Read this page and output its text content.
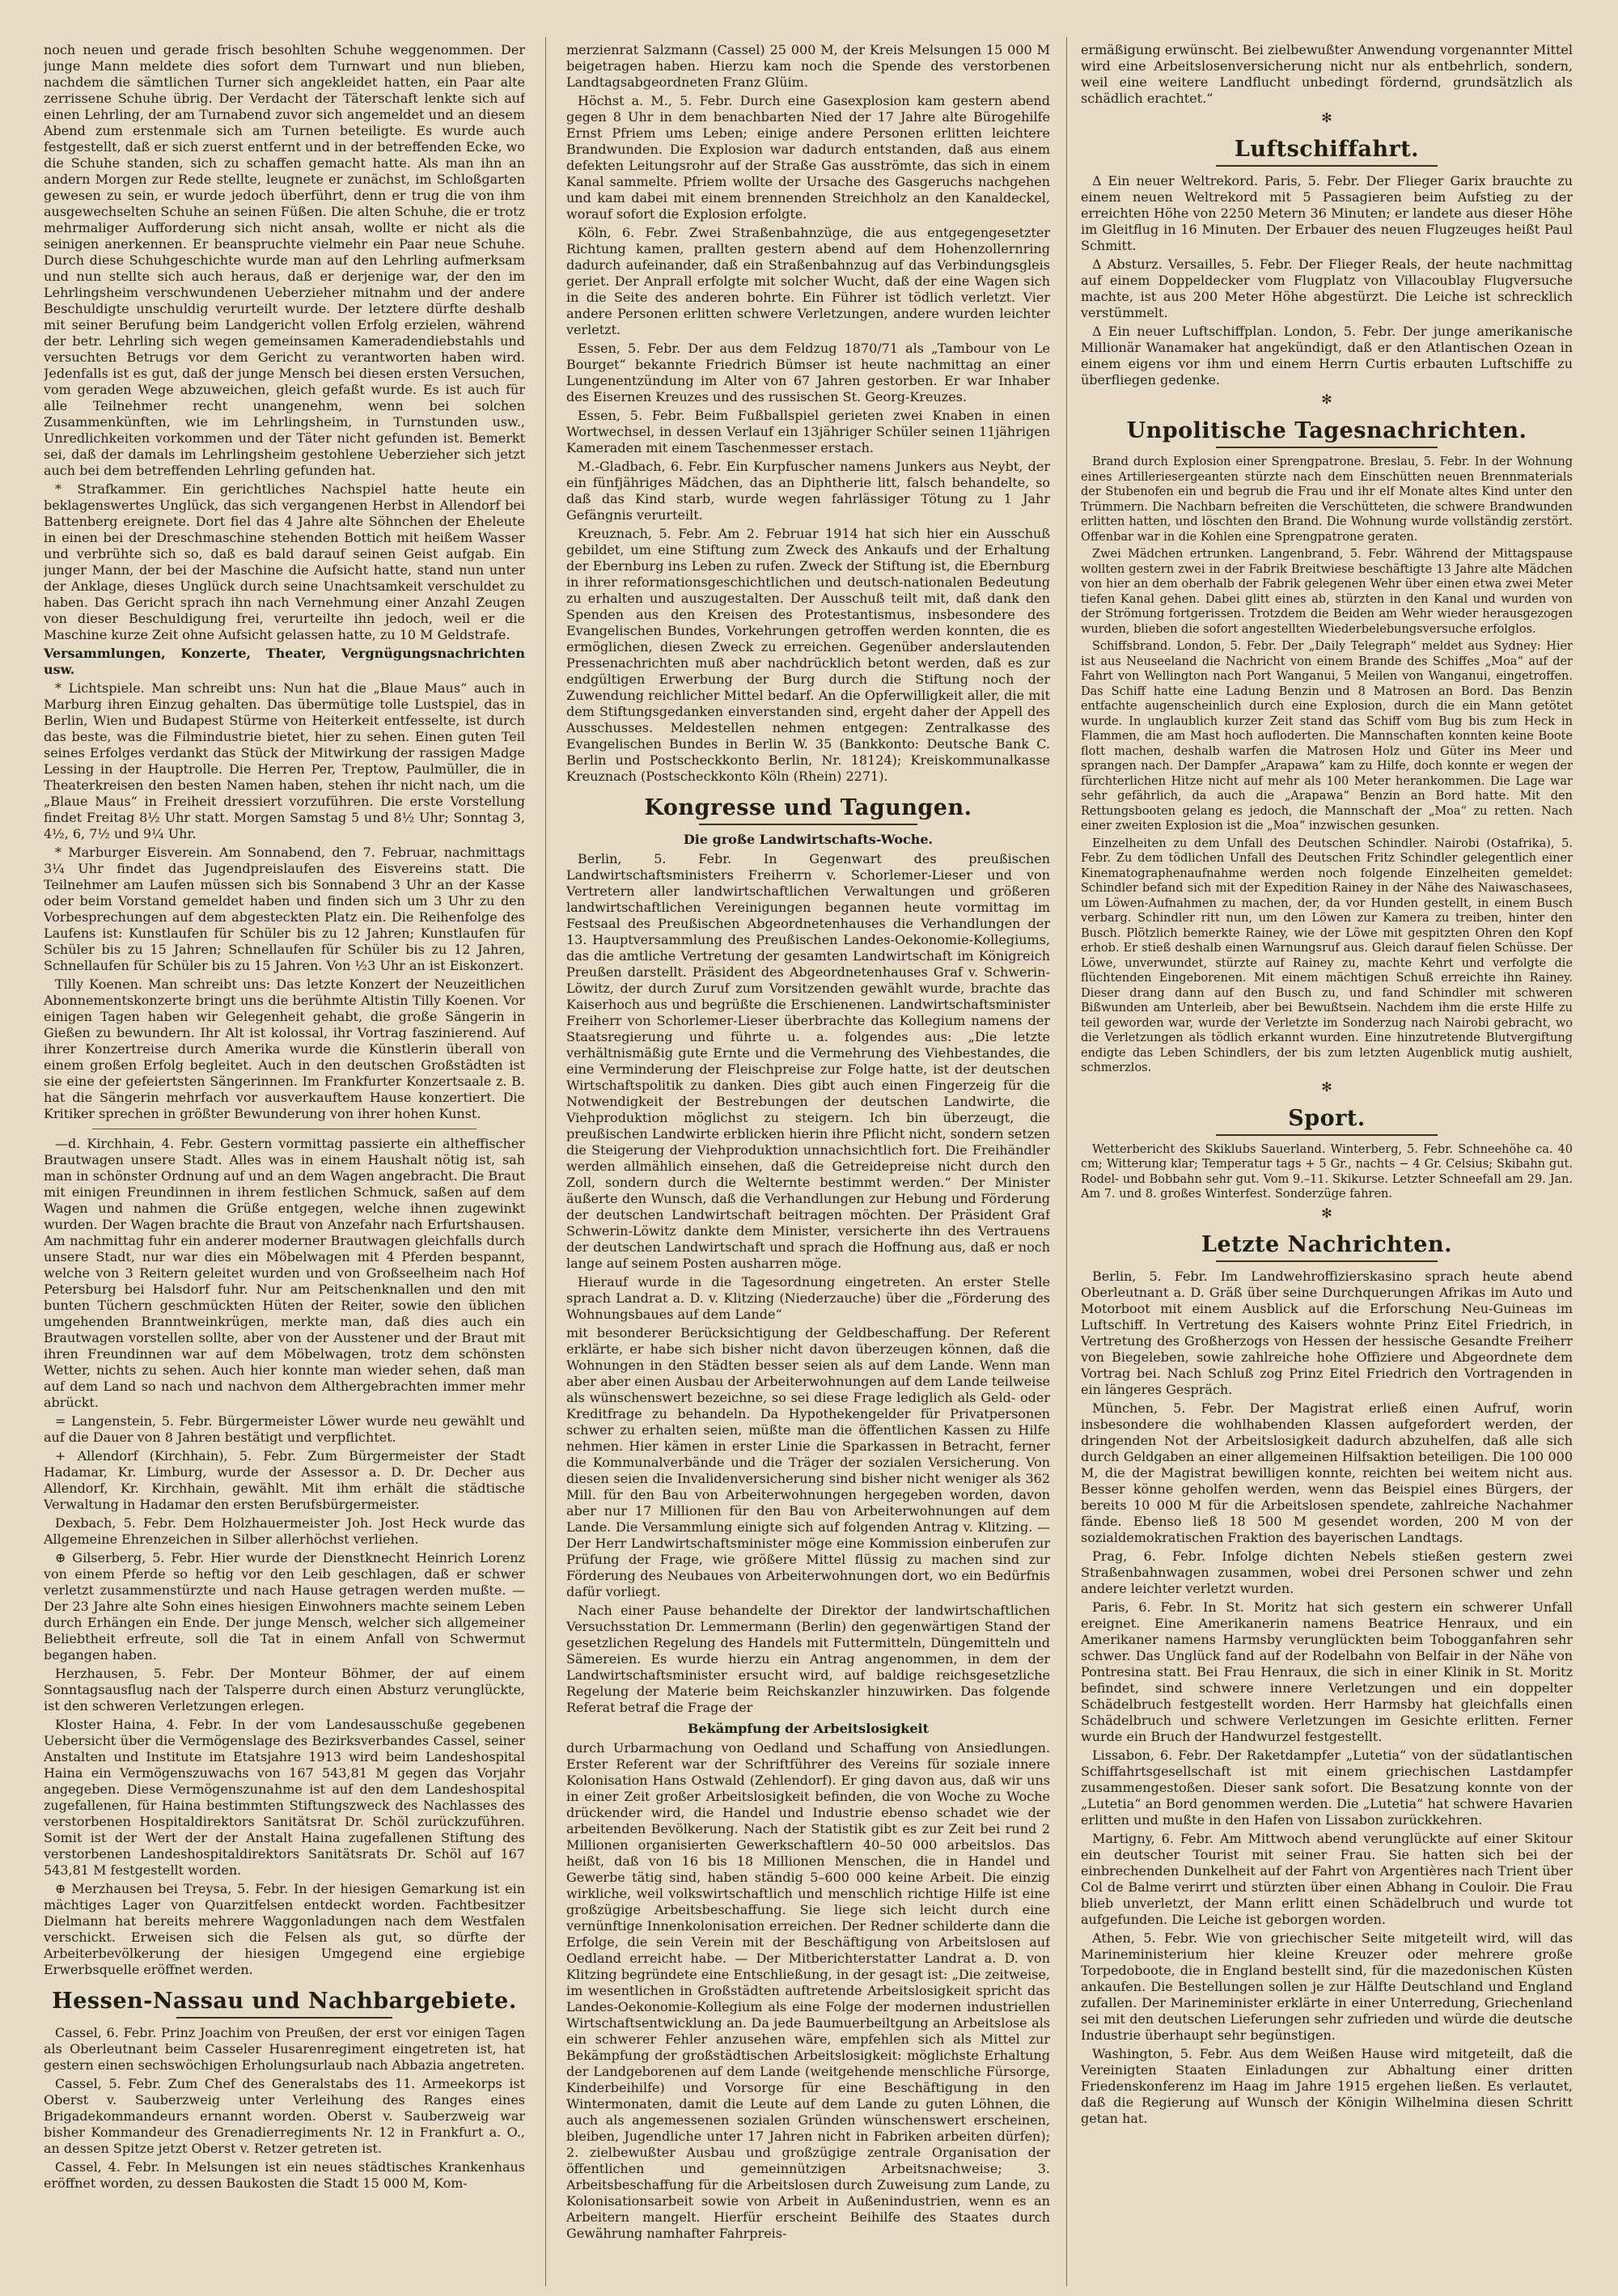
noch neuen und gerade frisch besohlten Schuhe weggenommen. Der junge Mann meldete dies sofort dem Turnwart und nun blieben, nachdem die sämtlichen Turner sich angekleidet hatten, ein Paar alte zerrissene Schuhe übrig. Der Verdacht der Täterschaft lenkte sich auf einen Lehrling, der am Turnabend zuvor sich angemeldet und an diesem Abend zum erstenmale sich am Turnen beteiligte. Es wurde auch festgestellt, daß er sich zuerst entfernt und in der betreffenden Ecke, wo die Schuhe standen, sich zu schaffen gemacht hatte. Als man ihn an andern Morgen zur Rede stellte, leugnete er zunächst, im Schloßgarten gewesen zu sein, er wurde jedoch überführt, denn er trug die von ihm ausgewechselten Schuhe an seinen Füßen. Die alten Schuhe, die er trotz mehrmaliger Aufforderung sich nicht ansah, wollte er nicht als die seinigen anerkennen. Er beanspruchte vielmehr ein Paar neue Schuhe. Durch diese Schuhgeschichte wurde man auf den Lehrling aufmerksam und nun stellte sich auch heraus, daß er derjenige war, der den im Lehrlingsheim verschwundenen Ueberzieher mitnahm und der andere Beschuldigte unschuldig verurteilt wurde. Der letztere dürfte deshalb mit seiner Berufung beim Landgericht vollen Erfolg erzielen, während der betr. Lehrling sich wegen gemeinsamen Kameradendiebstahls und versuchten Betrugs vor dem Gericht zu verantworten haben wird. Jedenfalls ist es gut, daß der junge Mensch bei diesen ersten Versuchen, vom geraden Wege abzuweichen, gleich gefaßt wurde. Es ist auch für alle Teilnehmer recht unangenehm, wenn bei solchen Zusammenkünften, wie im Lehrlingsheim, in Turnstunden usw., Unredlichkeiten vorkommen und der Täter nicht gefunden ist. Bemerkt sei, daß der damals im Lehrlingsheim gestohlene Ueberzieher sich jetzt auch bei dem betreffenden Lehrling gefunden hat.

* Strafkammer. Ein gerichtliches Nachspiel hatte heute ein beklagenswertes Unglück, das sich vergangenen Herbst in Allendorf bei Battenberg ereignete. Dort fiel das 4 Jahre alte Söhnchen der Eheleute in einen bei der Dreschmaschine stehenden Bottich mit heißem Wasser und verbrühte sich so, daß es bald darauf seinen Geist aufgab. Ein junger Mann, der bei der Maschine die Aufsicht hatte, stand nun unter der Anklage, dieses Unglück durch seine Unachtsamkeit verschuldet zu haben. Das Gericht sprach ihn nach Vernehmung einer Anzahl Zeugen von dieser Beschuldigung frei, verurteilte ihn jedoch, weil er die Maschine kurze Zeit ohne Aufsicht gelassen hatte, zu 10 M Geldstrafe.

Versammlungen, Konzerte, Theater, Vergnügungsnachrichten usw.

* Lichtspiele. Man schreibt uns: Nun hat die „Blaue Maus“ auch in Marburg ihren Einzug gehalten. Das übermütige tolle Lustspiel, das in Berlin, Wien und Budapest Stürme von Heiterkeit entfesselte, ist durch das beste, was die Filmindustrie bietet, hier zu sehen. Einen guten Teil seines Erfolges verdankt das Stück der Mitwirkung der rassigen Madge Lessing in der Hauptrolle. Die Herren Per, Treptow, Paulmüller, die in Theaterkreisen den besten Namen haben, stehen ihr nicht nach, um die „Blaue Maus“ in Freiheit dressiert vorzuführen. Die erste Vorstellung findet Freitag 8½ Uhr statt. Morgen Samstag 5 und 8½ Uhr; Sonntag 3, 4½, 6, 7½ und 9¼ Uhr.

* Marburger Eisverein. Am Sonnabend, den 7. Februar, nachmittags 3¼ Uhr findet das Jugendpreislaufen des Eisvereins statt. Die Teilnehmer am Laufen müssen sich bis Sonnabend 3 Uhr an der Kasse oder beim Vorstand gemeldet haben und finden sich um 3 Uhr zu den Vorbesprechungen auf dem abgesteckten Platz ein. Die Reihenfolge des Laufens ist: Kunstlaufen für Schüler bis zu 12 Jahren; Kunstlaufen für Schüler bis zu 15 Jahren; Schnellaufen für Schüler bis zu 12 Jahren, Schnellaufen für Schüler bis zu 15 Jahren. Von ½3 Uhr an ist Eiskonzert.

Tilly Koenen. Man schreibt uns: Das letzte Konzert der Neuzeitlichen Abonnementskonzerte bringt uns die berühmte Altistin Tilly Koenen. Vor einigen Tagen haben wir Gelegenheit gehabt, die große Sängerin in Gießen zu bewundern. Ihr Alt ist kolossal, ihr Vortrag faszinierend. Auf ihrer Konzertreise durch Amerika wurde die Künstlerin überall von einem großen Erfolg begleitet. Auch in den deutschen Großstädten ist sie eine der gefeiertsten Sängerinnen. Im Frankfurter Konzertsaale z. B. hat die Sängerin mehrfach vor ausverkauftem Hause konzertiert. Die Kritiker sprechen in größter Bewunderung von ihrer hohen Kunst.

—d. Kirchhain, 4. Febr. Gestern vormittag passierte ein altheffischer Brautwagen unsere Stadt. Alles was in einem Haushalt nötig ist, sah man in schönster Ordnung auf und an dem Wagen angebracht. Die Braut mit einigen Freundinnen in ihrem festlichen Schmuck, saßen auf dem Wagen und nahmen die Grüße entgegen, welche ihnen zugewinkt wurden. Der Wagen brachte die Braut von Anzefahr nach Erfurtshausen. Am nachmittag fuhr ein anderer moderner Brautwagen gleichfalls durch unsere Stadt, nur war dies ein Möbelwagen mit 4 Pferden bespannt, welche von 3 Reitern geleitet wurden und von Großseelheim nach Hof Petersburg bei Halsdorf fuhr. Nur am Peitschenknallen und den mit bunten Tüchern geschmückten Hüten der Reiter, sowie den üblichen umgehenden Branntweinkrügen, merkte man, daß dies auch ein Brautwagen vorstellen sollte, aber von der Ausstener und der Braut mit ihren Freundinnen war auf dem Möbelwagen, trotz dem schönsten Wetter, nichts zu sehen. Auch hier konnte man wieder sehen, daß man auf dem Land so nach und nachvon dem Althergebrachten immer mehr abrückt.

= Langenstein, 5. Febr. Bürgermeister Löwer wurde neu gewählt und auf die Dauer von 8 Jahren bestätigt und verpflichtet.

+ Allendorf (Kirchhain), 5. Febr. Zum Bürgermeister der Stadt Hadamar, Kr. Limburg, wurde der Assessor a. D. Dr. Decher aus Allendorf, Kr. Kirchhain, gewählt. Mit ihm erhält die städtische Verwaltung in Hadamar den ersten Berufsbürgermeister.

Dexbach, 5. Febr. Dem Holzhauermeister Joh. Jost Heck wurde das Allgemeine Ehrenzeichen in Silber allerhöchst verliehen.

⊕ Gilserberg, 5. Febr. Hier wurde der Dienstknecht Heinrich Lorenz von einem Pferde so heftig vor den Leib geschlagen, daß er schwer verletzt zusammenstürzte und nach Hause getragen werden mußte. — Der 23 Jahre alte Sohn eines hiesigen Einwohners machte seinem Leben durch Erhängen ein Ende. Der junge Mensch, welcher sich allgemeiner Beliebtheit erfreute, soll die Tat in einem Anfall von Schwermut begangen haben.

Herzhausen, 5. Febr. Der Monteur Böhmer, der auf einem Sonntagsausflug nach der Talsperre durch einen Absturz verunglückte, ist den schweren Verletzungen erlegen.

Kloster Haina, 4. Febr. In der vom Landesausschuße gegebenen Uebersicht über die Vermögenslage des Bezirksverbandes Cassel, seiner Anstalten und Institute im Etatsjahre 1913 wird beim Landeshospital Haina ein Vermögenszuwachs von 167 543,81 M gegen das Vorjahr angegeben. Diese Vermögenszunahme ist auf den dem Landeshospital zugefallenen, für Haina bestimmten Stiftungszweck des Nachlasses des verstorbenen Hospitaldirektors Sanitätsrat Dr. Schöl zurückzuführen. Somit ist der Wert der der Anstalt Haina zugefallenen Stiftung des verstorbenen Landeshospitaldirektors Sanitätsrats Dr. Schöl auf 167 543,81 M festgestellt worden.

⊕ Merzhausen bei Treysa, 5. Febr. In der hiesigen Gemarkung ist ein mächtiges Lager von Quarzitfelsen entdeckt worden. Fachtbesitzer Dielmann hat bereits mehrere Waggonladungen nach dem Westfalen verschickt. Erweisen sich die Felsen als gut, so dürfte der Arbeiterbevölkerung der hiesigen Umgegend eine ergiebige Erwerbsquelle eröffnet werden.

Hessen-Nassau und Nachbargebiete.

Cassel, 6. Febr. Prinz Joachim von Preußen, der erst vor einigen Tagen als Oberleutnant beim Casseler Husarenregiment eingetreten ist, hat gestern einen sechswöchigen Erholungsurlaub nach Abbazia angetreten.

Cassel, 5. Febr. Zum Chef des Generalstabs des 11. Armeekorps ist Oberst v. Sauberzweig unter Verleihung des Ranges eines Brigadekommandeurs ernannt worden. Oberst v. Sauberzweig war bisher Kommandeur des Grenadierregiments Nr. 12 in Frankfurt a. O., an dessen Spitze jetzt Oberst v. Retzer getreten ist.

Cassel, 4. Febr. In Melsungen ist ein neues städtisches Krankenhaus eröffnet worden, zu dessen Baukosten die Stadt 15 000 M, Kom-

merzienrat Salzmann (Cassel) 25 000 M, der Kreis Melsungen 15 000 M beigetragen haben. Hierzu kam noch die Spende des verstorbenen Landtagsabgeordneten Franz Glüim.

Höchst a. M., 5. Febr. Durch eine Gasexplosion kam gestern abend gegen 8 Uhr in dem benachbarten Nied der 17 Jahre alte Bürogehilfe Ernst Pfriem ums Leben; einige andere Personen erlitten leichtere Brandwunden. Die Explosion war dadurch entstanden, daß aus einem defekten Leitungsrohr auf der Straße Gas ausströmte, das sich in einem Kanal sammelte. Pfriem wollte der Ursache des Gasgeruchs nachgehen und kam dabei mit einem brennenden Streichholz an den Kanaldeckel, worauf sofort die Explosion erfolgte.

Köln, 6. Febr. Zwei Straßenbahnzüge, die aus entgegengesetzter Richtung kamen, prallten gestern abend auf dem Hohenzollernring dadurch aufeinander, daß ein Straßenbahnzug auf das Verbindungsgleis geriet. Der Anprall erfolgte mit solcher Wucht, daß der eine Wagen sich in die Seite des anderen bohrte. Ein Führer ist tödlich verletzt. Vier andere Personen erlitten schwere Verletzungen, andere wurden leichter verletzt.

Essen, 5. Febr. Der aus dem Feldzug 1870/71 als „Tambour von Le Bourget“ bekannte Friedrich Bümser ist heute nachmittag an einer Lungenentzündung im Alter von 67 Jahren gestorben. Er war Inhaber des Eisernen Kreuzes und des russischen St. Georg-Kreuzes.

Essen, 5. Febr. Beim Fußballspiel gerieten zwei Knaben in einen Wortwechsel, in dessen Verlauf ein 13jähriger Schüler seinen 11jährigen Kameraden mit einem Taschenmesser erstach.

M.-Gladbach, 6. Febr. Ein Kurpfuscher namens Junkers aus Neybt, der ein fünfjähriges Mädchen, das an Diphtherie litt, falsch behandelte, so daß das Kind starb, wurde wegen fahrlässiger Tötung zu 1 Jahr Gefängnis verurteilt.

Kreuznach, 5. Febr. Am 2. Februar 1914 hat sich hier ein Ausschuß gebildet, um eine Stiftung zum Zweck des Ankaufs und der Erhaltung der Ebernburg ins Leben zu rufen. Zweck der Stiftung ist, die Ebernburg in ihrer reformationsgeschichtlichen und deutsch-nationalen Bedeutung zu erhalten und auszugestalten. Der Ausschuß teilt mit, daß dank den Spenden aus den Kreisen des Protestantismus, insbesondere des Evangelischen Bundes, Vorkehrungen getroffen werden konnten, die es ermöglichen, diesen Zweck zu erreichen. Gegenüber anderslautenden Pressenachrichten muß aber nachdrücklich betont werden, daß es zur endgültigen Erwerbung der Burg durch die Stiftung noch der Zuwendung reichlicher Mittel bedarf. An die Opferwilligkeit aller, die mit dem Stiftungsgedanken einverstanden sind, ergeht daher der Appell des Ausschusses. Meldestellen nehmen entgegen: Zentralkasse des Evangelischen Bundes in Berlin W. 35 (Bankkonto: Deutsche Bank C. Berlin und Postscheckkonto Berlin, Nr. 18124); Kreiskommunalkasse Kreuznach (Postscheckkonto Köln (Rhein) 2271).

Kongresse und Tagungen.
Die große Landwirtschafts-Woche.

Berlin, 5. Febr. In Gegenwart des preußischen Landwirtschaftsministers Freiherrn v. Schorlemer-Lieser und von Vertretern aller landwirtschaftlichen Verwaltungen und größeren landwirtschaftlichen Vereinigungen begannen heute vormittag im Festsaal des Preußischen Abgeordnetenhauses die Verhandlungen der 13. Hauptversammlung des Preußischen Landes-Oekonomie-Kollegiums, das die amtliche Vertretung der gesamten Landwirtschaft im Königreich Preußen darstellt. Präsident des Abgeordnetenhauses Graf v. Schwerin-Löwitz, der durch Zuruf zum Vorsitzenden gewählt wurde, brachte das Kaiserhoch aus und begrüßte die Erschienenen. Landwirtschaftsminister Freiherr von Schorlemer-Lieser überbrachte das Kollegium namens der Staatsregierung und führte u. a. folgendes aus: „Die letzte verhältnismäßig gute Ernte und die Vermehrung des Viehbestandes, die eine Verminderung der Fleischpreise zur Folge hatte, ist der deutschen Wirtschaftspolitik zu danken. Dies gibt auch einen Fingerzeig für die Notwendigkeit der Bestrebungen der deutschen Landwirte, die Viehproduktion möglichst zu steigern. Ich bin überzeugt, die preußischen Landwirte erblicken hierin ihre Pflicht nicht, sondern setzen die Steigerung der Viehproduktion unnachsichtlich fort. Die Freihändler werden allmählich einsehen, daß die Getreidepreise nicht durch den Zoll, sondern durch die Welternte bestimmt werden.“ Der Minister äußerte den Wunsch, daß die Verhandlungen zur Hebung und Förderung der deutschen Landwirtschaft beitragen möchten. Der Präsident Graf Schwerin-Löwitz dankte dem Minister, versicherte ihn des Vertrauens der deutschen Landwirtschaft und sprach die Hoffnung aus, daß er noch lange auf seinem Posten ausharren möge.

Hierauf wurde in die Tagesordnung eingetreten. An erster Stelle sprach Landrat a. D. v. Klitzing (Niederzauche) über die „Förderung des Wohnungsbaues auf dem Lande“

mit besonderer Berücksichtigung der Geldbeschaffung. Der Referent erklärte, er habe sich bisher nicht davon überzeugen können, daß die Wohnungen in den Städten besser seien als auf dem Lande. Wenn man aber aber einen Ausbau der Arbeiterwohnungen auf dem Lande teilweise als wünschenswert bezeichne, so sei diese Frage lediglich als Geld- oder Kreditfrage zu behandeln. Da Hypothekengelder für Privatpersonen schwer zu erhalten seien, müßte man die öffentlichen Kassen zu Hilfe nehmen. Hier kämen in erster Linie die Sparkassen in Betracht, ferner die Kommunalverbände und die Träger der sozialen Versicherung. Von diesen seien die Invalidenversicherung sind bisher nicht weniger als 362 Mill. für den Bau von Arbeiterwohnungen hergegeben worden, davon aber nur 17 Millionen für den Bau von Arbeiterwohnungen auf dem Lande. Die Versammlung einigte sich auf folgenden Antrag v. Klitzing. — Der Herr Landwirtschaftsminister möge eine Kommission einberufen zur Prüfung der Frage, wie größere Mittel flüssig zu machen sind zur Förderung des Neubaues von Arbeiterwohnungen dort, wo ein Bedürfnis dafür vorliegt.

Nach einer Pause behandelte der Direktor der landwirtschaftlichen Versuchsstation Dr. Lemmermann (Berlin) den gegenwärtigen Stand der gesetzlichen Regelung des Handels mit Futtermitteln, Düngemitteln und Sämereien. Es wurde hierzu ein Antrag angenommen, in dem der Landwirtschaftsminister ersucht wird, auf baldige reichsgesetzliche Regelung der Materie beim Reichskanzler hinzuwirken. Das folgende Referat betraf die Frage der

Bekämpfung der Arbeitslosigkeit

durch Urbarmachung von Oedland und Schaffung von Ansiedlungen. Erster Referent war der Schriftführer des Vereins für soziale innere Kolonisation Hans Ostwald (Zehlendorf). Er ging davon aus, daß wir uns in einer Zeit großer Arbeitslosigkeit befinden, die von Woche zu Woche drückender wird, die Handel und Industrie ebenso schadet wie der arbeitenden Bevölkerung. Nach der Statistik gibt es zur Zeit bei rund 2 Millionen organisierten Gewerkschaftlern 40–50 000 arbeitslos. Das heißt, daß von 16 bis 18 Millionen Menschen, die in Handel und Gewerbe tätig sind, haben ständig 5–600 000 keine Arbeit. Die einzig wirkliche, weil volkswirtschaftlich und menschlich richtige Hilfe ist eine großzügige Arbeitsbeschaffung. Sie liege sich leicht durch eine vernünftige Innenkolonisation erreichen. Der Redner schilderte dann die Erfolge, die sein Verein mit der Beschäftigung von Arbeitslosen auf Oedland erreicht habe. — Der Mitberichterstatter Landrat a. D. von Klitzing begründete eine Entschließung, in der gesagt ist: „Die zeitweise, im wesentlichen in Großstädten auftretende Arbeitslosigkeit spricht das Landes-Oekonomie-Kollegium als eine Folge der modernen industriellen Wirtschaftsentwicklung an. Da jede Baumuerbeiltgung an Arbeitslose als ein schwerer Fehler anzusehen wäre, empfehlen sich als Mittel zur Bekämpfung der großstädtischen Arbeitslosigkeit: möglichste Erhaltung der Landgeborenen auf dem Lande (weitgehende menschliche Fürsorge, Kinderbeihilfe) und Vorsorge für eine Beschäftigung in den Wintermonaten, damit die Leute auf dem Lande zu guten Löhnen, die auch als angemessenen sozialen Gründen wünschenswert erscheinen, bleiben, Jugendliche unter 17 Jahren nicht in Fabriken arbeiten dürfen); 2. zielbewußter Ausbau und großzügige zentrale Organisation der öffentlichen und gemeinnützigen Arbeitsnachweise; 3. Arbeitsbeschaffung für die Arbeitslosen durch Zuweisung zum Lande, zu Kolonisationsarbeit sowie von Arbeit in Außenindustrien, wenn es an Arbeitern mangelt. Hierfür erscheint Beihilfe des Staates durch Gewährung namhafter Fahrpreis-

ermäßigung erwünscht. Bei zielbewußter Anwendung vorgenannter Mittel wird eine Arbeitslosenversicherung nicht nur als entbehrlich, sondern, weil eine weitere Landflucht unbedingt fördernd, grundsätzlich als schädlich erachtet.“

✻
Luftschiffahrt.

Δ Ein neuer Weltrekord. Paris, 5. Febr. Der Flieger Garix brauchte zu einem neuen Weltrekord mit 5 Passagieren beim Aufstieg zu der erreichten Höhe von 2250 Metern 36 Minuten; er landete aus dieser Höhe im Gleitflug in 16 Minuten. Der Erbauer des neuen Flugzeuges heißt Paul Schmitt.

Δ Absturz. Versailles, 5. Febr. Der Flieger Reals, der heute nachmittag auf einem Doppeldecker vom Flugplatz von Villacoublay Flugversuche machte, ist aus 200 Meter Höhe abgestürzt. Die Leiche ist schrecklich verstümmelt.

Δ Ein neuer Luftschiffplan. London, 5. Febr. Der junge amerikanische Millionär Wanamaker hat angekündigt, daß er den Atlantischen Ozean in einem eigens vor ihm und einem Herrn Curtis erbauten Luftschiffe zu überfliegen gedenke.

✻
Unpolitische Tagesnachrichten.

Brand durch Explosion einer Sprengpatrone. Breslau, 5. Febr. In der Wohnung eines Artilleriesergeanten stürzte nach dem Einschütten neuen Brennmaterials der Stubenofen ein und begrub die Frau und ihr elf Monate altes Kind unter den Trümmern. Die Nachbarn befreiten die Verschütteten, die schwere Brandwunden erlitten hatten, und löschten den Brand. Die Wohnung wurde vollständig zerstört. Offenbar war in die Kohlen eine Sprengpatrone geraten.

Zwei Mädchen ertrunken. Langenbrand, 5. Febr. Während der Mittagspause wollten gestern zwei in der Fabrik Breitwiese beschäftigte 13 Jahre alte Mädchen von hier an dem oberhalb der Fabrik gelegenen Wehr über einen etwa zwei Meter tiefen Kanal gehen. Dabei glitt eines ab, stürzten in den Kanal und wurden von der Strömung fortgerissen. Trotzdem die Beiden am Wehr wieder herausgezogen wurden, blieben die sofort angestellten Wiederbelebungsversuche erfolglos.

Schiffsbrand. London, 5. Febr. Der „Daily Telegraph“ meldet aus Sydney: Hier ist aus Neuseeland die Nachricht von einem Brande des Schiffes „Moa“ auf der Fahrt von Wellington nach Port Wanganui, 5 Meilen von Wanganui, eingetroffen. Das Schiff hatte eine Ladung Benzin und 8 Matrosen an Bord. Das Benzin entfachte augenscheinlich durch eine Explosion, durch die ein Mann getötet wurde. In unglaublich kurzer Zeit stand das Schiff vom Bug bis zum Heck in Flammen, die am Mast hoch aufloderten. Die Mannschaften konnten keine Boote flott machen, deshalb warfen die Matrosen Holz und Güter ins Meer und sprangen nach. Der Dampfer „Arapawa“ kam zu Hilfe, doch konnte er wegen der fürchterlichen Hitze nicht auf mehr als 100 Meter herankommen. Die Lage war sehr gefährlich, da auch die „Arapawa“ Benzin an Bord hatte. Mit den Rettungsbooten gelang es jedoch, die Mannschaft der „Moa“ zu retten. Nach einer zweiten Explosion ist die „Moa“ inzwischen gesunken.

Einzelheiten zu dem Unfall des Deutschen Schindler. Nairobi (Ostafrika), 5. Febr. Zu dem tödlichen Unfall des Deutschen Fritz Schindler gelegentlich einer Kinematographenaufnahme werden noch folgende Einzelheiten gemeldet: Schindler befand sich mit der Expedition Rainey in der Nähe des Naiwaschasees, um Löwen-Aufnahmen zu machen, der, da vor Hunden gestellt, in einem Busch verbarg. Schindler ritt nun, um den Löwen zur Kamera zu treiben, hinter den Busch. Plötzlich bemerkte Rainey, wie der Löwe mit gespitzten Ohren den Kopf erhob. Er stieß deshalb einen Warnungsruf aus. Gleich darauf fielen Schüsse. Der Löwe, unverwundet, stürzte auf Rainey zu, machte Kehrt und verfolgte die flüchtenden Eingeborenen. Mit einem mächtigen Schuß erreichte ihn Rainey. Dieser drang dann auf den Busch zu, und fand Schindler mit schweren Bißwunden am Unterleib, aber bei Bewußtsein. Nachdem ihm die erste Hilfe zu teil geworden war, wurde der Verletzte im Sonderzug nach Nairobi gebracht, wo die Verletzungen als tödlich erkannt wurden. Eine hinzutretende Blutvergiftung endigte das Leben Schindlers, der bis zum letzten Augenblick mutig aushielt, schmerzlos.

✻
Sport.

Wetterbericht des Skiklubs Sauerland. Winterberg, 5. Febr. Schneehöhe ca. 40 cm; Witterung klar; Temperatur tags + 5 Gr., nachts − 4 Gr. Celsius; Skibahn gut. Rodel- und Bobbahn sehr gut. Vom 9.–11. Skikurse. Letzter Schneefall am 29. Jan. Am 7. und 8. großes Winterfest. Sonderzüge fahren.

✻
Letzte Nachrichten.

Berlin, 5. Febr. Im Landwehroffizierskasino sprach heute abend Oberleutnant a. D. Gräß über seine Durchquerungen Afrikas im Auto und Motorboot mit einem Ausblick auf die Erforschung Neu-Guineas im Luftschiff. In Vertretung des Kaisers wohnte Prinz Eitel Friedrich, in Vertretung des Großherzogs von Hessen der hessische Gesandte Freiherr von Biegeleben, sowie zahlreiche hohe Offiziere und Abgeordnete dem Vortrag bei. Nach Schluß zog Prinz Eitel Friedrich den Vortragenden in ein längeres Gespräch.

München, 5. Febr. Der Magistrat erließ einen Aufruf, worin insbesondere die wohlhabenden Klassen aufgefordert werden, der dringenden Not der Arbeitslosigkeit dadurch abzuhelfen, daß alle sich durch Geldgaben an einer allgemeinen Hilfsaktion beteiligen. Die 100 000 M, die der Magistrat bewilligen konnte, reichten bei weitem nicht aus. Besser könne geholfen werden, wenn das Beispiel eines Bürgers, der bereits 10 000 M für die Arbeitslosen spendete, zahlreiche Nachahmer fände. Ebenso ließ 18 500 M gesendet worden, 200 M von der sozialdemokratischen Fraktion des bayerischen Landtags.

Prag, 6. Febr. Infolge dichten Nebels stießen gestern zwei Straßenbahnwagen zusammen, wobei drei Personen schwer und zehn andere leichter verletzt wurden.

Paris, 6. Febr. In St. Moritz hat sich gestern ein schwerer Unfall ereignet. Eine Amerikanerin namens Beatrice Henraux, und ein Amerikaner namens Harmsby verunglückten beim Tobogganfahren sehr schwer. Das Unglück fand auf der Rodelbahn von Belfair in der Nähe von Pontresina statt. Bei Frau Henraux, die sich in einer Klinik in St. Moritz befindet, sind schwere innere Verletzungen und ein doppelter Schädelbruch festgestellt worden. Herr Harmsby hat gleichfalls einen Schädelbruch und schwere Verletzungen im Gesichte erlitten. Ferner wurde ein Bruch der Handwurzel festgestellt.

Lissabon, 6. Febr. Der Raketdampfer „Lutetia“ von der südatlantischen Schiffahrtsgesellschaft ist mit einem griechischen Lastdampfer zusammengestoßen. Dieser sank sofort. Die Besatzung konnte von der „Lutetia“ an Bord genommen werden. Die „Lutetia“ hat schwere Havarien erlitten und mußte in den Hafen von Lissabon zurückkehren.

Martigny, 6. Febr. Am Mittwoch abend verunglückte auf einer Skitour ein deutscher Tourist mit seiner Frau. Sie hatten sich bei der einbrechenden Dunkelheit auf der Fahrt von Argentières nach Trient über Col de Balme verirrt und stürzten über einen Abhang in Couloir. Die Frau blieb unverletzt, der Mann erlitt einen Schädelbruch und wurde tot aufgefunden. Die Leiche ist geborgen worden.

Athen, 5. Febr. Wie von griechischer Seite mitgeteilt wird, will das Marineministerium hier kleine Kreuzer oder mehrere große Torpedoboote, die in England bestellt sind, für die mazedonischen Küsten ankaufen. Die Bestellungen sollen je zur Hälfte Deutschland und England zufallen. Der Marineminister erklärte in einer Unterredung, Griechenland sei mit den deutschen Lieferungen sehr zufrieden und würde die deutsche Industrie überhaupt sehr begünstigen.

Washington, 5. Febr. Aus dem Weißen Hause wird mitgeteilt, daß die Vereinigten Staaten Einladungen zur Abhaltung einer dritten Friedenskonferenz im Haag im Jahre 1915 ergehen ließen. Es verlautet, daß die Regierung auf Wunsch der Königin Wilhelmina diesen Schritt getan hat.
